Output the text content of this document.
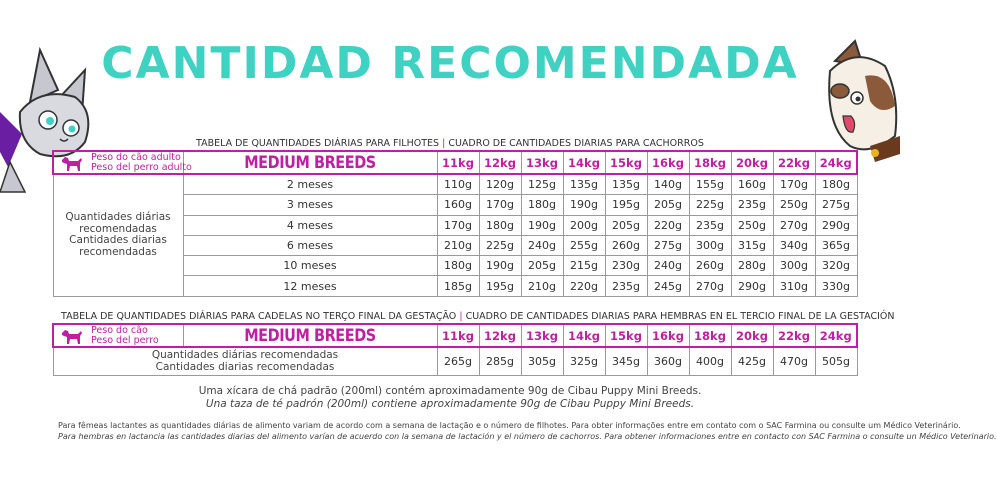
CANTIDAD RECOMENDADA
TABELA DE QUANTIDADES DIÁRIAS PARA FILHOTES | CUADRO DE CANTIDADES DIARIAS PARA CACHORROS
Peso do cão adulto
Peso del perro adulto	MEDIUM BREEDS	11kg	12kg	13kg	14kg	15kg	16kg	18kg	20kg	22kg	24kg
Quantidades diárias
recomendadas
Cantidades diarias
recomendadas	2 meses	110g	120g	125g	135g	135g	140g	155g	160g	170g	180g
	3 meses	160g	170g	180g	190g	195g	205g	225g	235g	250g	275g
	4 meses	170g	180g	190g	200g	205g	220g	235g	250g	270g	290g
	6 meses	210g	225g	240g	255g	260g	275g	300g	315g	340g	365g
	10 meses	180g	190g	205g	215g	230g	240g	260g	280g	300g	320g
	12 meses	185g	195g	210g	220g	235g	245g	270g	290g	310g	330g
TABELA DE QUANTIDADES DIÁRIAS PARA CADELAS NO TERÇO FINAL DA GESTAÇÃO | CUADRO DE CANTIDADES DIARIAS PARA HEMBRAS EN EL TERCIO FINAL DE LA GESTACIÓN
Peso do cão
Peso del perro	MEDIUM BREEDS	11kg	12kg	13kg	14kg	15kg	16kg	18kg	20kg	22kg	24kg
Quantidades diárias recomendadas
Cantidades diarias recomendadas		265g	285g	305g	325g	345g	360g	400g	425g	470g	505g
Uma xícara de chá padrão (200ml) contém aproximadamente 90g de Cibau Puppy Mini Breeds.
Una taza de té padrón (200ml) contiene aproximadamente 90g de Cibau Puppy Mini Breeds.
Para fêmeas lactantes as quantidades diárias de alimento variam de acordo com a semana de lactação e o número de filhotes. Para obter informações entre em contato com o SAC Farmina ou consulte um Médico Veterinário.
Para hembras en lactancia las cantidades diarias del alimento varían de acuerdo con la semana de lactación y el número de cachorros. Para obtener informaciones entre en contacto con SAC Farmina o consulte un Médico Veterinario.
